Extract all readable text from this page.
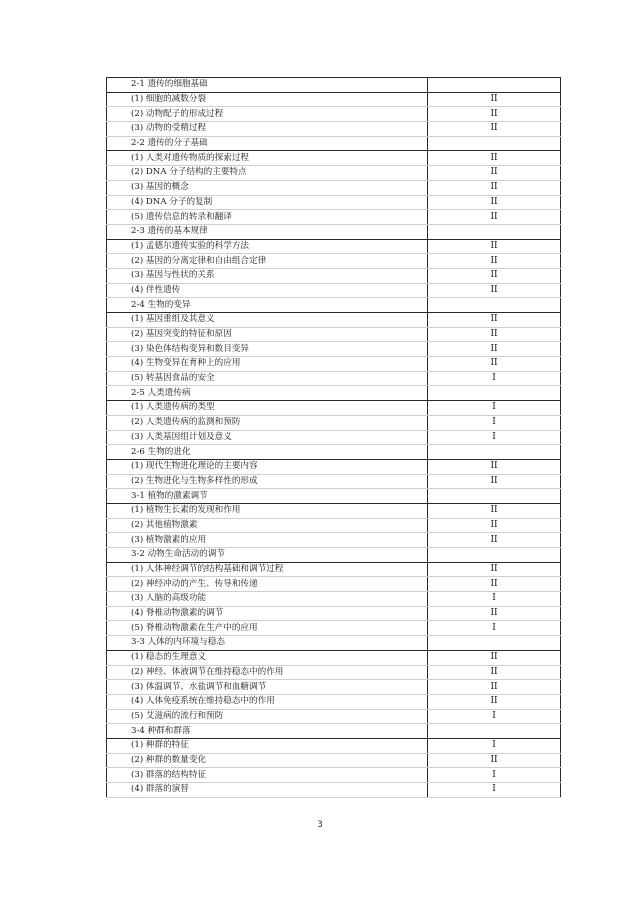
2-1 遗传的细胞基础	
(1) 细胞的减数分裂	II
(2) 动物配子的形成过程	II
(3) 动物的受精过程	II
2-2 遗传的分子基础	
(1) 人类对遗传物质的探索过程	II
(2) DNA 分子结构的主要特点	II
(3) 基因的概念	II
(4) DNA 分子的复制	II
(5) 遗传信息的转录和翻译	II
2-3 遗传的基本规律	
(1) 孟德尔遗传实验的科学方法	II
(2) 基因的分离定律和自由组合定律	II
(3) 基因与性状的关系	II
(4) 伴性遗传	II
2-4 生物的变异	
(1) 基因重组及其意义	II
(2) 基因突变的特征和原因	II
(3) 染色体结构变异和数目变异	II
(4) 生物变异在育种上的应用	II
(5) 转基因食品的安全	I
2-5 人类遗传病	
(1) 人类遗传病的类型	I
(2) 人类遗传病的监测和预防	I
(3) 人类基因组计划及意义	I
2-6 生物的进化	
(1) 现代生物进化理论的主要内容	II
(2) 生物进化与生物多样性的形成	II
3-1 植物的激素调节	
(1) 植物生长素的发现和作用	II
(2) 其他植物激素	II
(3) 植物激素的应用	II
3-2 动物生命活动的调节	
(1) 人体神经调节的结构基础和调节过程	II
(2) 神经冲动的产生、传导和传递	II
(3) 人脑的高级功能	I
(4) 脊椎动物激素的调节	II
(5) 脊椎动物激素在生产中的应用	I
3-3 人体的内环境与稳态	
(1) 稳态的生理意义	II
(2) 神经、体液调节在维持稳态中的作用	II
(3) 体温调节、水盐调节和血糖调节	II
(4) 人体免疫系统在维持稳态中的作用	II
(5) 艾滋病的流行和预防	I
3-4 种群和群落	
(1) 种群的特征	I
(2) 种群的数量变化	II
(3) 群落的结构特征	I
(4) 群落的演替	I
3
